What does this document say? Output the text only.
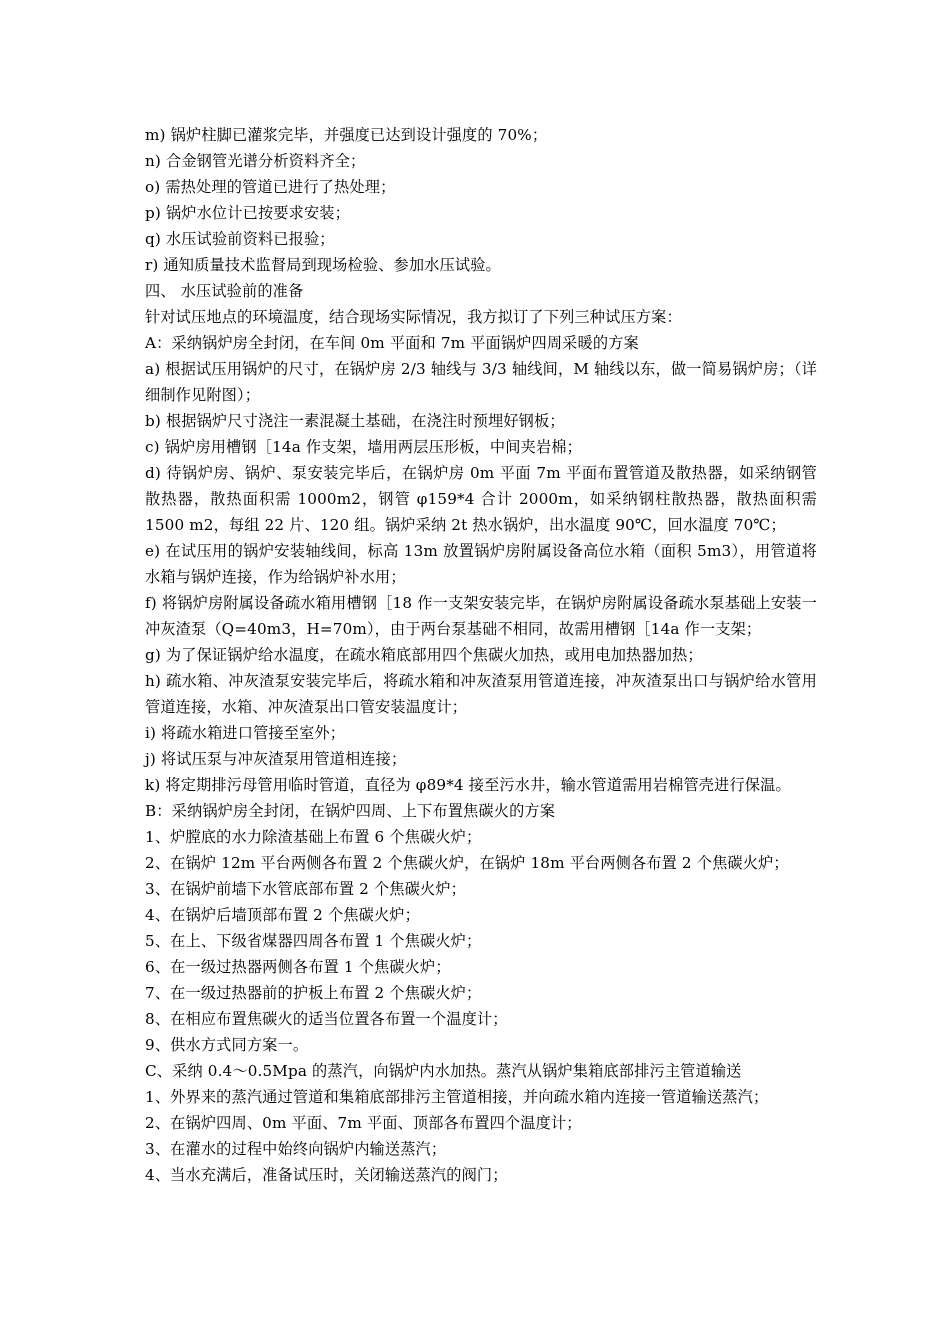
m) 锅炉柱脚已灌浆完毕，并强度已达到设计强度的 70%；

n) 合金钢管光谱分析资料齐全；

o) 需热处理的管道已进行了热处理；

p) 锅炉水位计已按要求安装；

q) 水压试验前资料已报验；

r) 通知质量技术监督局到现场检验、参加水压试验。

四、 水压试验前的准备

针对试压地点的环境温度，结合现场实际情况，我方拟订了下列三种试压方案：

A：采纳锅炉房全封闭，在车间 0m 平面和 7m 平面锅炉四周采暖的方案

a) 根据试压用锅炉的尺寸，在锅炉房 2/3 轴线与 3/3 轴线间，M 轴线以东，做一简易锅炉房；（详细制作见附图）；

b) 根据锅炉尺寸浇注一素混凝土基础，在浇注时预埋好钢板；

c) 锅炉房用槽钢［14a 作支架，墙用两层压形板，中间夹岩棉；

d) 待锅炉房、锅炉、泵安装完毕后，在锅炉房 0m 平面 7m 平面布置管道及散热器，如采纳钢管散热器，散热面积需 1000m2，钢管 φ159*4 合计 2000m，如采纳钢柱散热器，散热面积需 1500 m2，每组 22 片、120 组。锅炉采纳 2t 热水锅炉，出水温度 90℃，回水温度 70℃；

e) 在试压用的锅炉安装轴线间，标高 13m 放置锅炉房附属设备高位水箱（面积 5m3），用管道将水箱与锅炉连接，作为给锅炉补水用；

f) 将锅炉房附属设备疏水箱用槽钢［18 作一支架安装完毕，在锅炉房附属设备疏水泵基础上安装一冲灰渣泵（Q=40m3，H=70m），由于两台泵基础不相同，故需用槽钢［14a 作一支架；

g) 为了保证锅炉给水温度，在疏水箱底部用四个焦碳火加热，或用电加热器加热；

h) 疏水箱、冲灰渣泵安装完毕后，将疏水箱和冲灰渣泵用管道连接，冲灰渣泵出口与锅炉给水管用管道连接，水箱、冲灰渣泵出口管安装温度计；

i) 将疏水箱进口管接至室外；

j) 将试压泵与冲灰渣泵用管道相连接；

k) 将定期排污母管用临时管道，直径为 φ89*4 接至污水井，输水管道需用岩棉管壳进行保温。

B：采纳锅炉房全封闭，在锅炉四周、上下布置焦碳火的方案

1、炉膛底的水力除渣基础上布置 6 个焦碳火炉；

2、在锅炉 12m 平台两侧各布置 2 个焦碳火炉，在锅炉 18m 平台两侧各布置 2 个焦碳火炉；

3、在锅炉前墙下水管底部布置 2 个焦碳火炉；

4、在锅炉后墙顶部布置 2 个焦碳火炉；

5、在上、下级省煤器四周各布置 1 个焦碳火炉；

6、在一级过热器两侧各布置 1 个焦碳火炉；

7、在一级过热器前的护板上布置 2 个焦碳火炉；

8、在相应布置焦碳火的适当位置各布置一个温度计；

9、供水方式同方案一。

C、采纳 0.4～0.5Mpa 的蒸汽，向锅炉内水加热。蒸汽从锅炉集箱底部排污主管道输送

1、外界来的蒸汽通过管道和集箱底部排污主管道相接，并向疏水箱内连接一管道输送蒸汽；

2、在锅炉四周、0m 平面、7m 平面、顶部各布置四个温度计；

3、在灌水的过程中始终向锅炉内输送蒸汽；

4、当水充满后，准备试压时，关闭输送蒸汽的阀门；
